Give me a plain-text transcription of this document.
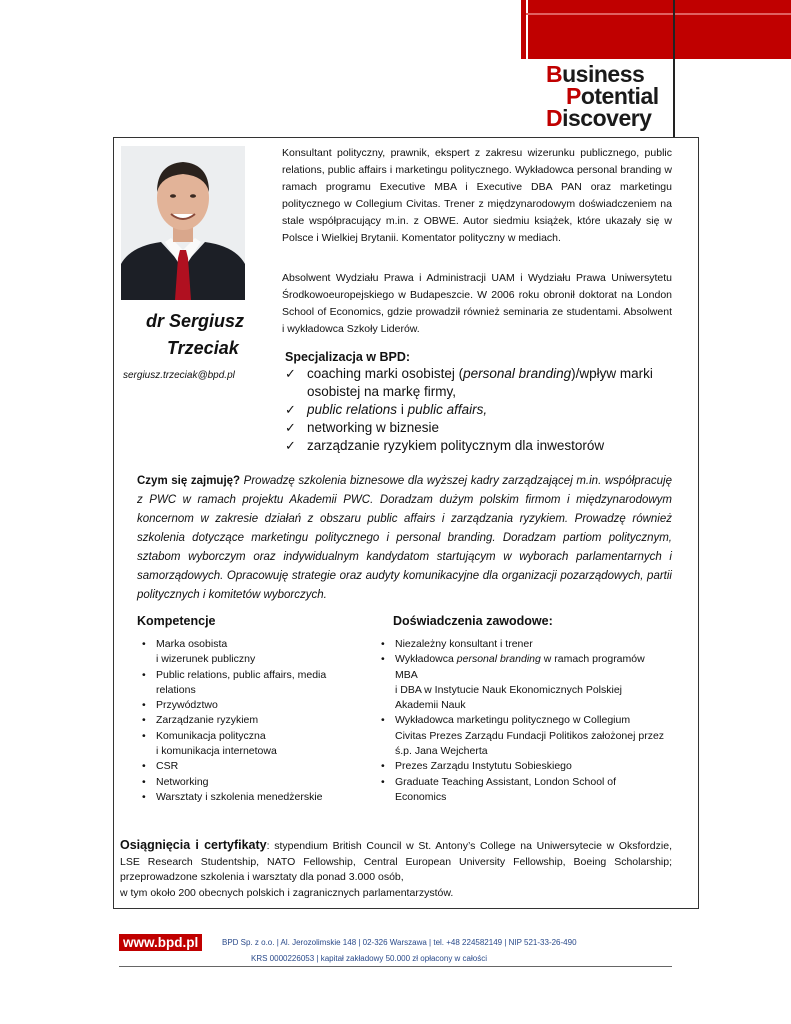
Business
Potential
Discovery
dr Sergiusz
Trzeciak
sergiusz.trzeciak@bpd.pl
Konsultant polityczny, prawnik, ekspert z zakresu wizerunku publicznego, public relations, public affairs i marketingu politycznego. Wykładowca personal branding w ramach programu Executive MBA i Executive DBA PAN oraz marketingu politycznego w Collegium Civitas. Trener z międzynarodowym doświadczeniem na stale współpracujący m.in. z OBWE. Autor siedmiu książek, które ukazały się w Polsce i Wielkiej Brytanii. Komentator polityczny w mediach.
Absolwent Wydziału Prawa i Administracji UAM i Wydziału Prawa Uniwersytetu Środkowoeuropejskiego w Budapeszcie. W 2006 roku obronił doktorat na London School of Economics, gdzie prowadził również seminaria ze studentami. Absolwent i wykładowca Szkoły Liderów.
Specjalizacja w BPD:
✓ coaching marki osobistej (personal branding)/wpływ marki osobistej na markę firmy,
✓ public relations i public affairs,
✓ networking w biznesie
✓ zarządzanie ryzykiem politycznym dla inwestorów
Czym się zajmuję? Prowadzę szkolenia biznesowe dla wyższej kadry zarządzającej m.in. współpracuję z PWC w ramach projektu Akademii PWC. Doradzam dużym polskim firmom i międzynarodowym koncernom w zakresie działań z obszaru public affairs i zarządzania ryzykiem. Prowadzę również szkolenia dotyczące marketingu politycznego i personal branding. Doradzam partiom politycznym, sztabom wyborczym oraz indywidualnym kandydatom startującym w wyborach parlamentarnych i samorządowych. Opracowuję strategie oraz audyty komunikacyjne dla organizacji pozarządowych, partii politycznych i komitetów wyborczych.
Kompetencje
• Marka osobista
i wizerunek publiczny
• Public relations, public affairs, media
relations
• Przywództwo
• Zarządzanie ryzykiem
• Komunikacja polityczna
i komunikacja internetowa
• CSR
• Networking
• Warsztaty i szkolenia menedżerskie
Doświadczenia zawodowe:
• Niezależny konsultant i trener
• Wykładowca personal branding w ramach programów
MBA
i DBA w Instytucie Nauk Ekonomicznych Polskiej
Akademii Nauk
• Wykładowca marketingu politycznego w Collegium
Civitas Prezes Zarządu Fundacji Politikos założonej przez
ś.p. Jana Wejcherta
• Prezes Zarządu Instytutu Sobieskiego
• Graduate Teaching Assistant, London School of
Economics
Osiągnięcia i certyfikaty: stypendium British Council w St. Antony’s College na Uniwersytecie w Oksfordzie, LSE Research Studentship, NATO Fellowship, Central European University Fellowship, Boeing Scholarship; przeprowadzone szkolenia i warsztaty dla ponad 3.000 osób,
w tym około 200 obecnych polskich i zagranicznych parlamentarzystów.
www.bpd.pl	BPD Sp. z o.o. | Al. Jerozolimskie 148 | 02-326 Warszawa | tel. +48 224582149 | NIP 521-33-26-490
KRS 0000226053 | kapitał zakładowy 50.000 zł opłacony w całości
